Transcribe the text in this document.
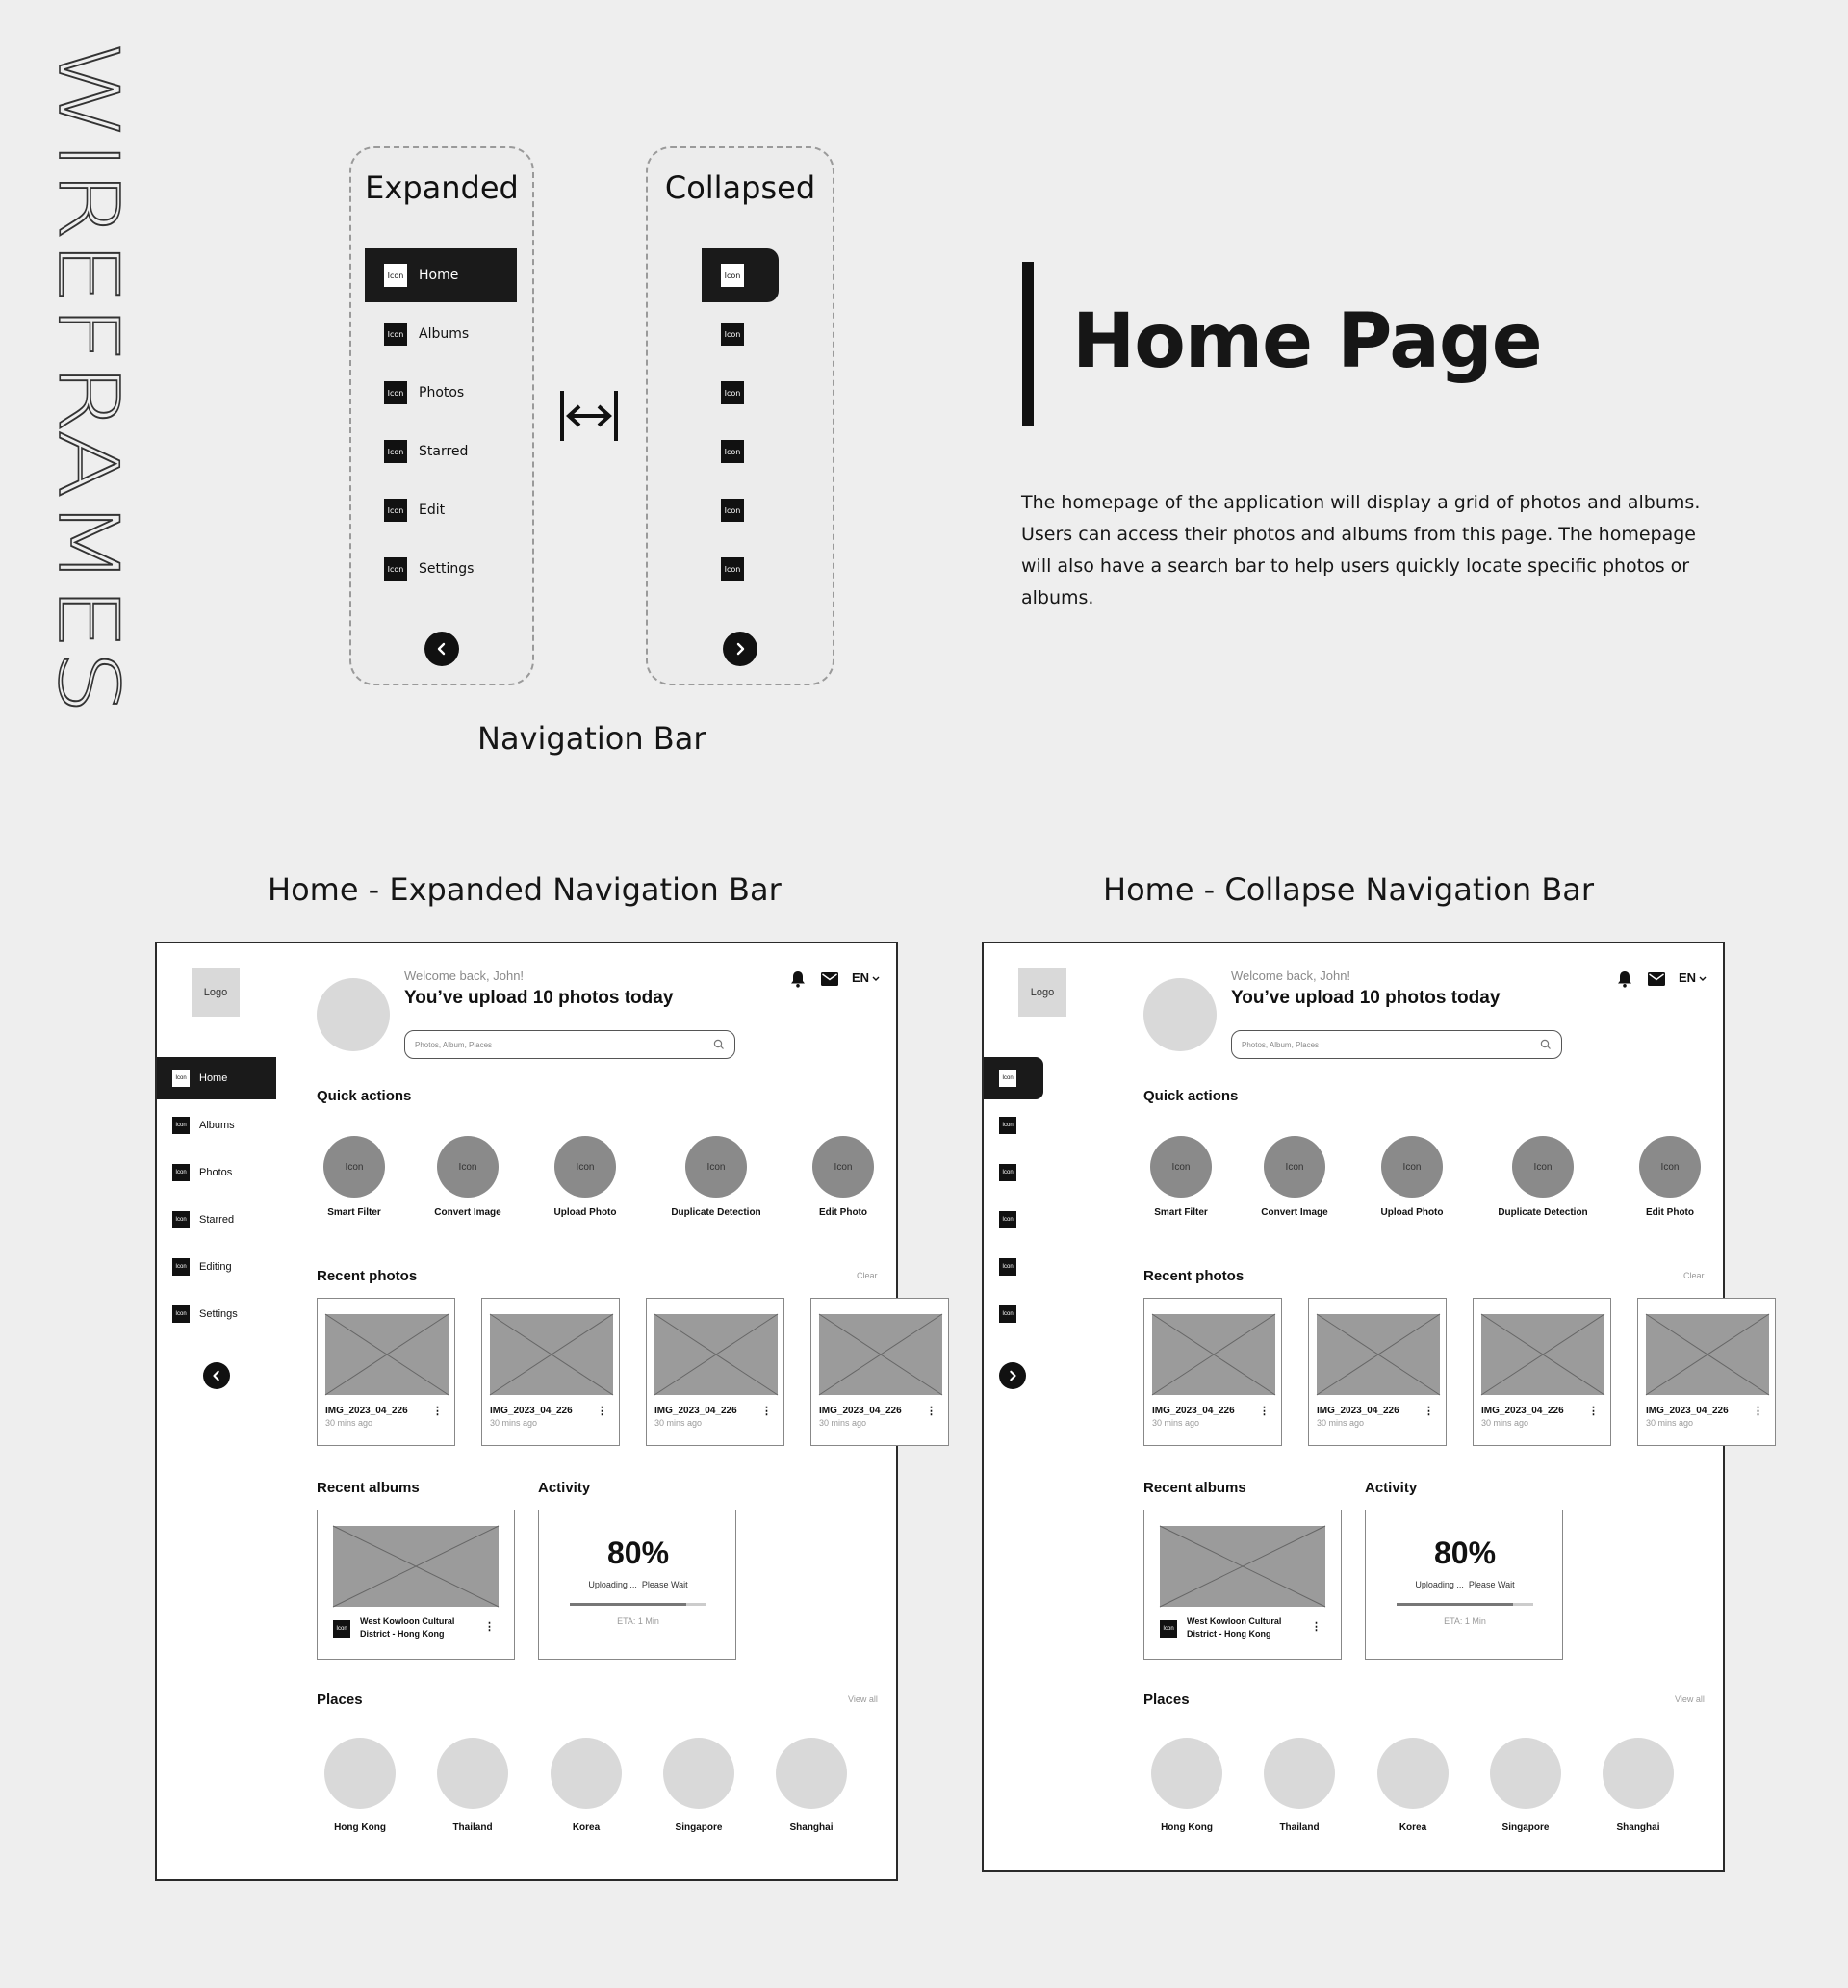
WIREFRAMES	Expanded
Icon Home
Icon Albums
Icon Photos
Icon Starred
Icon Edit
Icon Settings
Collapsed
Icon
Icon
Icon
Icon
Icon
Icon
Navigation Bar
Home Page
The homepage of the application will display a grid of photos and albums. Users can access their photos and albums from this page. The homepage will also have a search bar to help users quickly locate specific photos or albums.
Home - Expanded Navigation Bar	Home - Collapse Navigation Bar
Logo
Icon	Home
Icon	Albums
Icon	Photos
Icon	Starred
Icon	Editing
Icon	Settings
Welcome back, John!
You’ve upload 10 photos today
Photos, Album, Places
EN
Quick actions
Icon
Smart Filter
Icon
Convert Image
Icon
Upload Photo
Icon
Duplicate Detection
Icon
Edit Photo
Recent photos	Clear
IMG_2023_04_226
30 mins ago
⋮	IMG_2023_04_226
30 mins ago
⋮	IMG_2023_04_226
30 mins ago
⋮	IMG_2023_04_226
30 mins ago
⋮
Recent albums
Icon
West Kowloon Cultural
District - Hong Kong
⋮
Activity
80%
Uploading ...  Please Wait
ETA: 1 Min
Places	View all
Hong Kong	Thailand	Korea	Singapore	Shanghai
Logo
Icon
Icon
Icon
Icon
Icon
Icon
Welcome back, John!
You’ve upload 10 photos today
Photos, Album, Places
EN
Quick actions
Icon
Smart Filter
Icon
Convert Image
Icon
Upload Photo
Icon
Duplicate Detection
Icon
Edit Photo
Recent photos	Clear
IMG_2023_04_226
30 mins ago
⋮	IMG_2023_04_226
30 mins ago
⋮	IMG_2023_04_226
30 mins ago
⋮	IMG_2023_04_226
30 mins ago
⋮
Recent albums
Icon
West Kowloon Cultural
District - Hong Kong
⋮
Activity
80%
Uploading ...  Please Wait
ETA: 1 Min
Places	View all
Hong Kong	Thailand	Korea	Singapore	Shanghai
